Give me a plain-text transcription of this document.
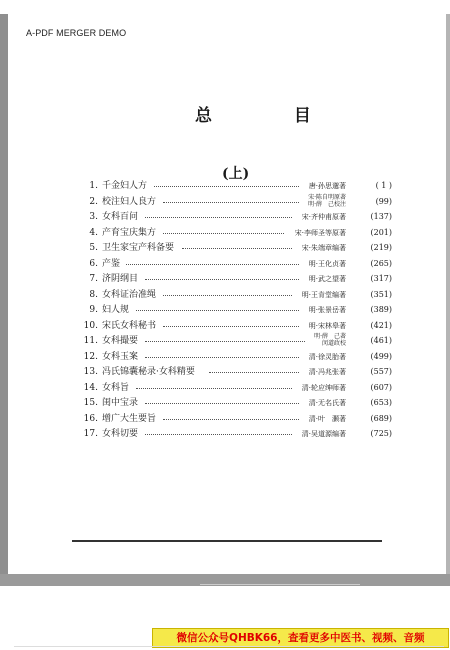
A-PDF MERGER DEMO
总 目
(上)
1. 千金妇人方	唐·孙思邈著	( 1 )
2. 校注妇人良方	宋·陈自明原著
明·薛　己校注	(99)
3. 女科百问	宋·齐仲甫原著	(137)
4. 产育宝庆集方	宋·李师圣等原著	(201)
5. 卫生家宝产科备要	宋·朱端章编著	(219)
6. 产鉴	明·王化贞著	(265)
7. 济阴纲目	明·武之望著	(317)
8. 女科证治准绳	明·王肯堂编著	(351)
9. 妇人规	明·张景岳著	(389)
10. 宋氏女科秘书	明·宋林皋著	(421)
11. 女科撮要	明·薛　己著
闵道政校	(461)
12. 女科玉案	清·徐灵胎著	(499)
13. 冯氏锦囊秘录·女科精要	清·冯兆张著	(557)
14. 女科旨	清·轮应绅师著	(607)
15. 闺中宝录	清·无名氏著	(653)
16. 增广大生要旨	清·叶　灏著	(689)
17. 女科切要	清·吴道源编著	(725)
微信公众号QHBK66，查看更多中医书、视频、音频
